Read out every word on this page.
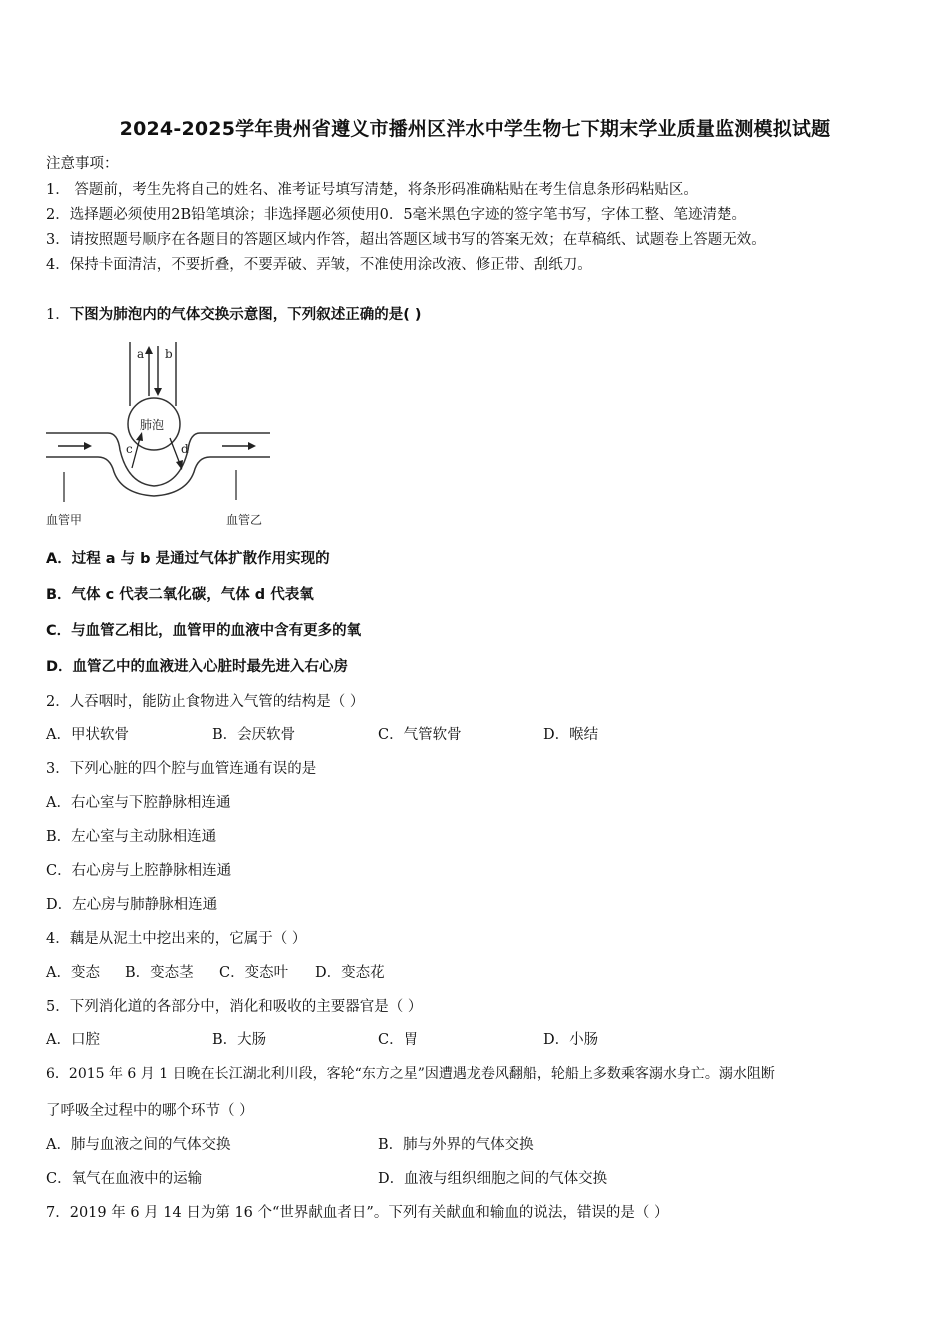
2024-2025学年贵州省遵义市播州区泮水中学生物七下期末学业质量监测模拟试题
注意事项：
1． 答题前，考生先将自己的姓名、准考证号填写清楚，将条形码准确粘贴在考生信息条形码粘贴区。
2．选择题必须使用2B铅笔填涂；非选择题必须使用0．5毫米黑色字迹的签字笔书写，字体工整、笔迹清楚。
3．请按照题号顺序在各题目的答题区域内作答，超出答题区域书写的答案无效；在草稿纸、试题卷上答题无效。
4．保持卡面清洁，不要折叠，不要弄破、弄皱，不准使用涂改液、修正带、刮纸刀。
1．下图为肺泡内的气体交换示意图，下列叙述正确的是( )
a b
肺泡
c	d
血管甲	血管乙
A．过程 a 与 b 是通过气体扩散作用实现的
B．气体 c 代表二氧化碳，气体 d 代表氧
C．与血管乙相比，血管甲的血液中含有更多的氧
D．血管乙中的血液进入心脏时最先进入右心房
2．人吞咽时，能防止食物进入气管的结构是（ ）
A．甲状软骨	B．会厌软骨	C．气管软骨	D．喉结
3．下列心脏的四个腔与血管连通有误的是
A．右心室与下腔静脉相连通
B．左心室与主动脉相连通
C．右心房与上腔静脉相连通
D．左心房与肺静脉相连通
4．藕是从泥土中挖出来的，它属于（ ）
A．变态 B．变态茎 C．变态叶 D．变态花
5．下列消化道的各部分中，消化和吸收的主要器官是（ ）
A．口腔	B．大肠	C．胃	D．小肠
6．2015 年 6 月 1 日晚在长江湖北利川段，客轮“东方之星”因遭遇龙卷风翻船，轮船上多数乘客溺水身亡。溺水阻断
了呼吸全过程中的哪个环节（ ）
A．肺与血液之间的气体交换	B．肺与外界的气体交换
C．氧气在血液中的运输	D．血液与组织细胞之间的气体交换
7．2019 年 6 月 14 日为第 16 个“世界献血者日”。下列有关献血和输血的说法，错误的是（ ）
